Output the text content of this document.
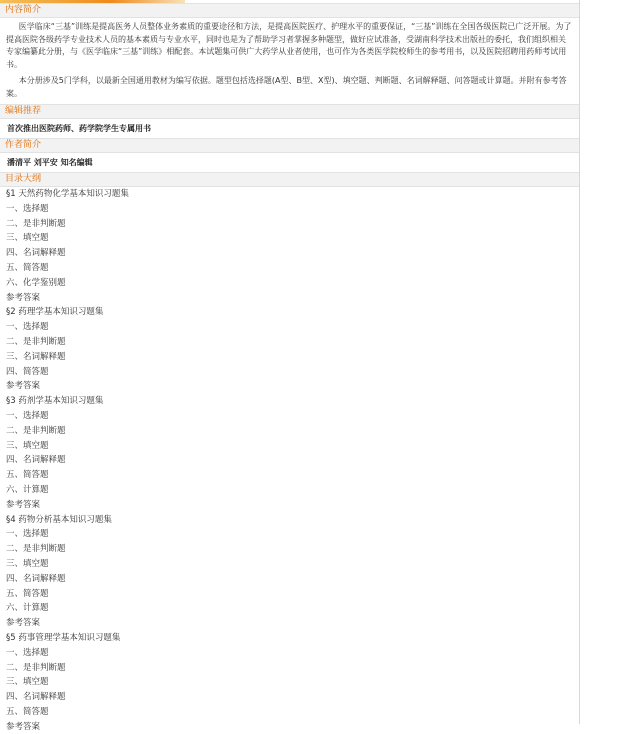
内容简介

医学临床“三基”训练是提高医务人员整体业务素质的重要途径和方法，是提高医院医疗、护理水平的重要保证，“三基”训练在全国各级医院已广泛开展。为了提高医院各级药学专业技术人员的基本素质与专业水平，同时也是为了帮助学习者掌握多种题型，做好应试准备，受湖南科学技术出版社的委托，我们组织相关专家编纂此分册，与《医学临床“三基”训练》相配套。本试题集可供广大药学从业者使用，也可作为各类医学院校师生的参考用书，以及医院招聘用药师考试用书。

本分册涉及5门学科，以最新全国通用教材为编写依据。题型包括选择题(A型、B型、X型)、填空题、判断题、名词解释题、问答题或计算题。并附有参考答案。

编辑推荐
首次推出医院药师、药学院学生专属用书
作者简介
潘清平 刘平安 知名编辑
目录大纲
§1 天然药物化学基本知识习题集
一、选择题
二、是非判断题
三、填空题
四、名词解释题
五、简答题
六、化学鉴别题
参考答案
§2 药理学基本知识习题集
一、选择题
二、是非判断题
三、名词解释题
四、简答题
参考答案
§3 药剂学基本知识习题集
一、选择题
二、是非判断题
三、填空题
四、名词解释题
五、简答题
六、计算题
参考答案
§4 药物分析基本知识习题集
一、选择题
二、是非判断题
三、填空题
四、名词解释题
五、简答题
六、计算题
参考答案
§5 药事管理学基本知识习题集
一、选择题
二、是非判断题
三、填空题
四、名词解释题
五、简答题
参考答案
